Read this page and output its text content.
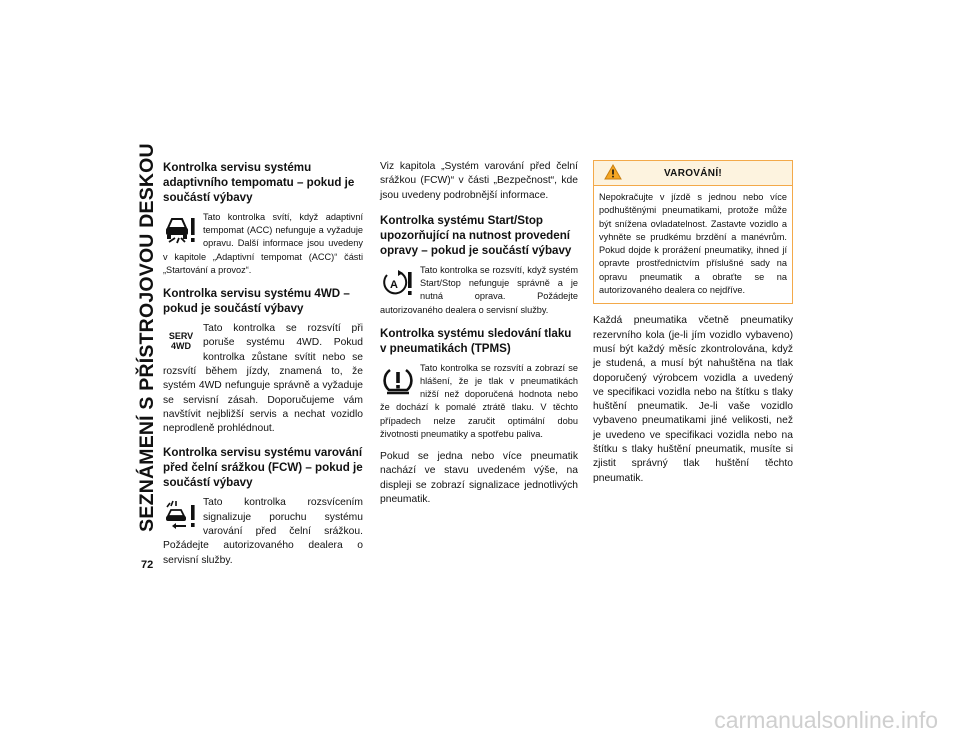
SEZNÁMENÍ S PŘÍSTROJOVOU DESKOU
72
Kontrolka servisu systému adaptivního tempomatu – pokud je součástí výbavy

Tato kontrolka svítí, když adaptivní tempomat (ACC) nefunguje a vyžaduje opravu. Další informace jsou uvedeny v kapitole „Adaptivní tempomat (ACC)“ části „Startování a provoz“.

Kontrolka servisu systému 4WD – pokud je součástí výbavy
SERV
4WD

Tato kontrolka se rozsvítí při poruše systému 4WD. Pokud kontrolka zůstane svítit nebo se rozsvítí během jízdy, znamená to, že systém 4WD nefunguje správně a vyžaduje se servisní zásah. Doporučujeme vám navštívit nejbližší servis a nechat vozidlo neprodleně prohlédnout.

Kontrolka servisu systému varování před čelní srážkou (FCW) – pokud je součástí výbavy

Tato kontrolka rozsvícením signalizuje poruchu systému varování před čelní srážkou. Požádejte autorizovaného dealera o servisní služby.

Viz kapitola „Systém varování před čelní srážkou (FCW)“ v části „Bezpečnost“, kde jsou uvedeny podrobnější informace.

Kontrolka systému Start/Stop upozorňující na nutnost provedení opravy – pokud je součástí výbavy
A

Tato kontrolka se rozsvítí, když systém Start/Stop nefunguje správně a je nutná oprava. Požádejte autorizovaného dealera o servisní služby.

Kontrolka systému sledování tlaku v pneumatikách (TPMS)

Tato kontrolka se rozsvítí a zobrazí se hlášení, že je tlak v pneumatikách nižší než doporučená hodnota nebo že dochází k pomalé ztrátě tlaku. V těchto případech nelze zaručit optimální dobu životnosti pneumatiky a spotřebu paliva.

Pokud se jedna nebo více pneumatik nachází ve stavu uvedeném výše, na displeji se zobrazí signalizace jednotlivých pneumatik.

VAROVÁNÍ!
Nepokračujte v jízdě s jednou nebo více podhuštěnými pneumatikami, protože může být snížena ovladatelnost. Zastavte vozidlo a vyhněte se prudkému brzdění a manévrům. Pokud dojde k prorážení pneumatiky, ihned jí opravte prostřednictvím příslušné sady na opravu pneumatik a obraťte se na autorizovaného dealera co nejdříve.

Každá pneumatika včetně pneumatiky rezervního kola (je-li jím vozidlo vybaveno) musí být každý měsíc zkontrolována, když je studená, a musí být nahuštěna na tlak doporučený výrobcem vozidla a uvedený ve specifikaci vozidla nebo na štítku s tlaky huštění pneumatik. Je-li vaše vozidlo vybaveno pneumatikami jiné velikosti, než je uvedeno ve specifikaci vozidla nebo na štítku s tlaky huštění pneumatik, musíte si zjistit správný tlak huštění těchto pneumatik.

carmanualsonline.info
